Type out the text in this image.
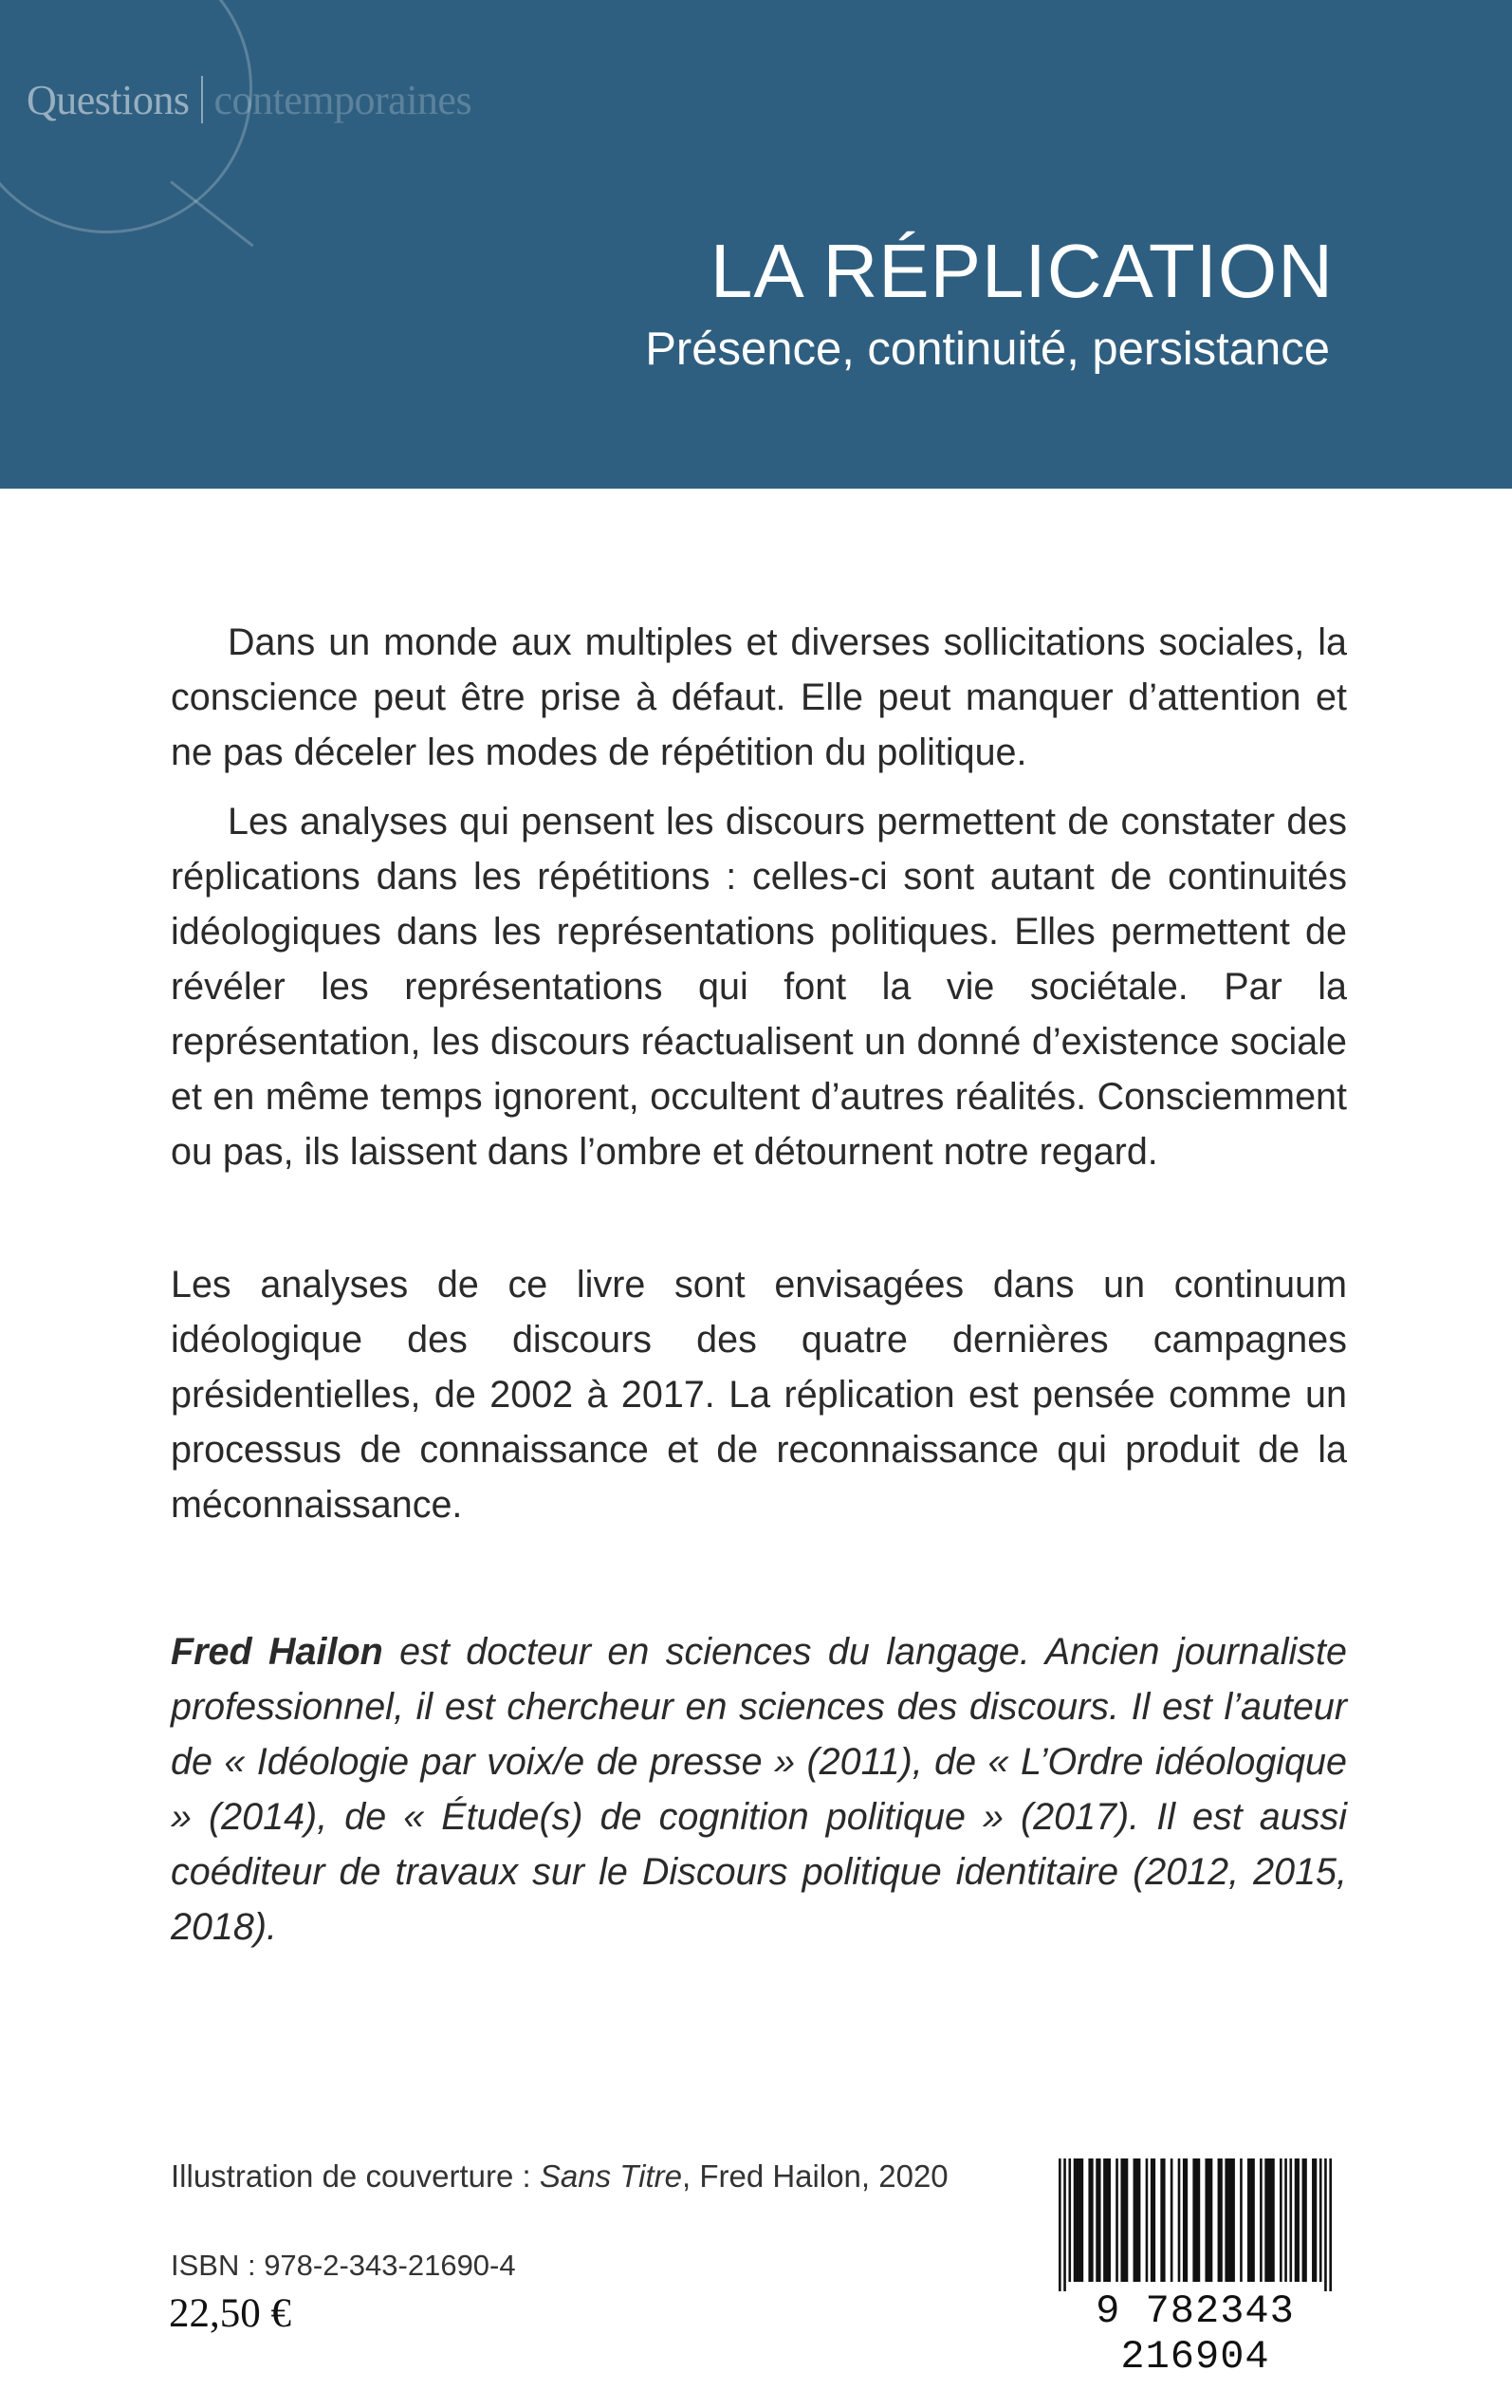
Questions contemporaines
LA RÉPLICATION
Présence, continuité, persistance

Dans un monde aux multiples et diverses sollicitations sociales, la conscience peut être prise à défaut. Elle peut manquer d’attention et ne pas déceler les modes de répétition du politique.

Les analyses qui pensent les discours permettent de constater des réplications dans les répétitions : celles-ci sont autant de continuités idéologiques dans les représentations politiques. Elles permettent de révéler les représentations qui font la vie sociétale. Par la représentation, les discours réactualisent un donné d’existence sociale et en même temps ignorent, occultent d’autres réalités. Consciemment ou pas, ils laissent dans l’ombre et détournent notre regard.

Les analyses de ce livre sont envisagées dans un continuum idéologique des discours des quatre dernières campagnes présidentielles, de 2002 à 2017. La réplication est pensée comme un processus de connaissance et de reconnaissance qui produit de la méconnaissance.

Fred Hailon est docteur en sciences du langage. Ancien journaliste professionnel, il est chercheur en sciences des discours. Il est l’auteur de « Idéologie par voix/e de presse » (2011), de « L’Ordre idéologique » (2014), de « Étude(s) de cognition politique » (2017). Il est aussi coéditeur de travaux sur le Discours politique identitaire (2012, 2015, 2018).

Illustration de couverture : Sans Titre, Fred Hailon, 2020
ISBN : 978-2-343-21690-4
22,50 €	9 782343 216904
